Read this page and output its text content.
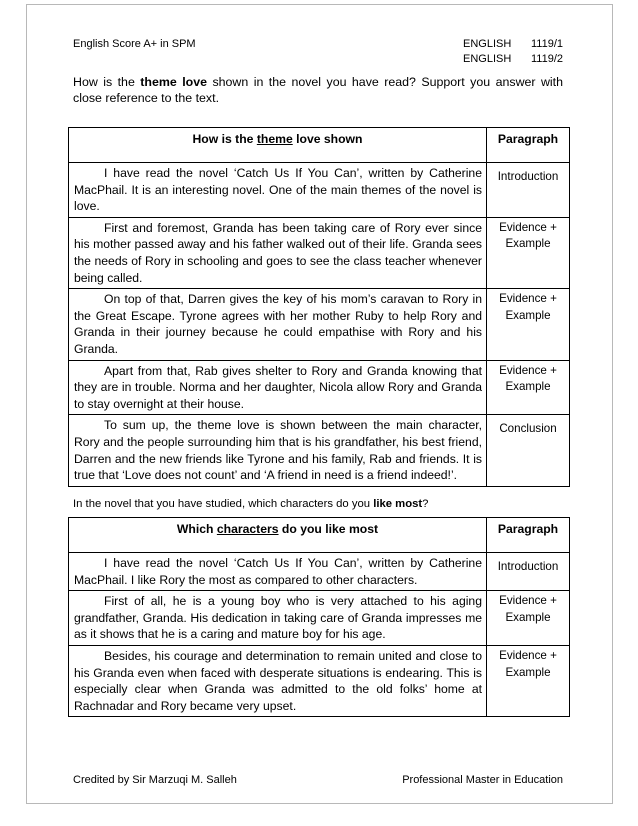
English Score A+ in SPM	ENGLISH	1119/1
ENGLISH	1119/2

How is the theme love shown in the novel you have read? Support you answer with close reference to the text.

How is the theme love shown	Paragraph
I have read the novel ‘Catch Us If You Can’, written by Catherine MacPhail. It is an interesting novel. One of the main themes of the novel is love.	Introduction
First and foremost, Granda has been taking care of Rory ever since his mother passed away and his father walked out of their life. Granda sees the needs of Rory in schooling and goes to see the class teacher whenever being called.	Evidence + Example
On top of that, Darren gives the key of his mom’s caravan to Rory in the Great Escape. Tyrone agrees with her mother Ruby to help Rory and Granda in their journey because he could empathise with Rory and his Granda.	Evidence + Example
Apart from that, Rab gives shelter to Rory and Granda knowing that they are in trouble. Norma and her daughter, Nicola allow Rory and Granda to stay overnight at their house.	Evidence + Example
To sum up, the theme love is shown between the main character, Rory and the people surrounding him that is his grandfather, his best friend, Darren and the new friends like Tyrone and his family, Rab and friends. It is true that ‘Love does not count’ and ‘A friend in need is a friend indeed!’.	Conclusion

In the novel that you have studied, which characters do you like most?

Which characters do you like most	Paragraph
I have read the novel ‘Catch Us If You Can’, written by Catherine MacPhail. I like Rory the most as compared to other characters.	Introduction
First of all, he is a young boy who is very attached to his aging grandfather, Granda. His dedication in taking care of Granda impresses me as it shows that he is a caring and mature boy for his age.	Evidence + Example
Besides, his courage and determination to remain united and close to his Granda even when faced with desperate situations is endearing. This is especially clear when Granda was admitted to the old folks’ home at Rachnadar and Rory became very upset.	Evidence + Example
Credited by Sir Marzuqi M. Salleh	Professional Master in Education
